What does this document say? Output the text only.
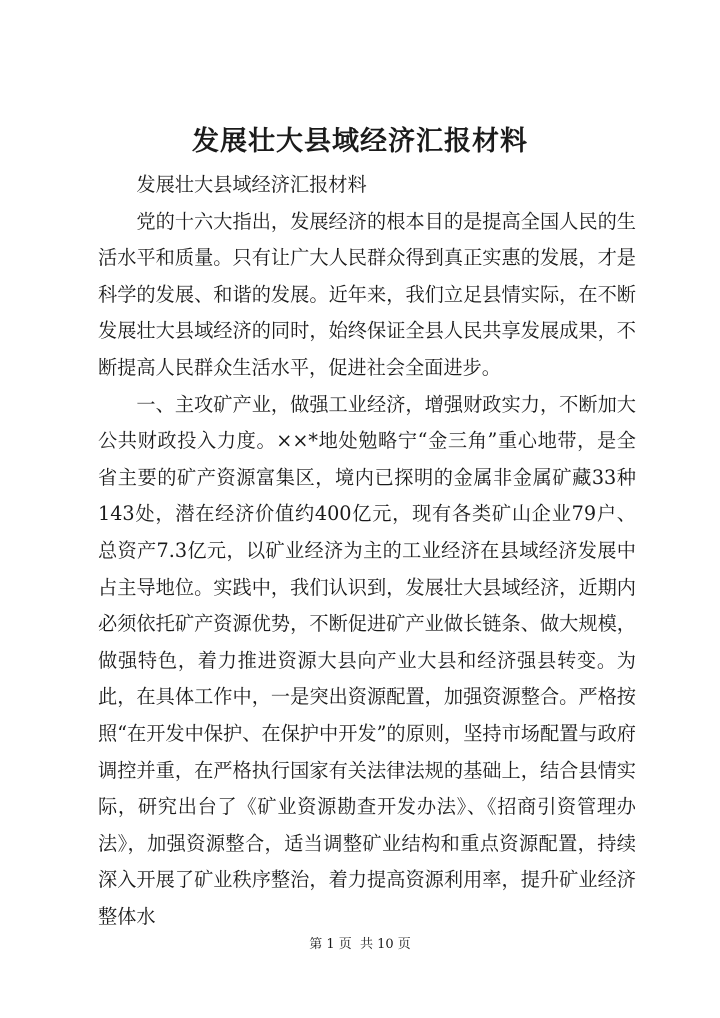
发展壮大县域经济汇报材料

发展壮大县域经济汇报材料

党的十六大指出，发展经济的根本目的是提高全国人民的生活水平和质量。只有让广大人民群众得到真正实惠的发展，才是科学的发展、和谐的发展。近年来，我们立足县情实际，在不断发展壮大县域经济的同时，始终保证全县人民共享发展成果，不断提高人民群众生活水平，促进社会全面进步。

一、主攻矿产业，做强工业经济，增强财政实力，不断加大公共财政投入力度。××*地处勉略宁“金三角”重心地带，是全省主要的矿产资源富集区，境内已探明的金属非金属矿藏33种143处，潜在经济价值约400亿元，现有各类矿山企业79户、总资产7.3亿元，以矿业经济为主的工业经济在县域经济发展中占主导地位。实践中，我们认识到，发展壮大县域经济，近期内必须依托矿产资源优势，不断促进矿产业做长链条、做大规模，做强特色，着力推进资源大县向产业大县和经济强县转变。为此，在具体工作中，一是突出资源配置，加强资源整合。严格按照“在开发中保护、在保护中开发”的原则，坚持市场配置与政府调控并重，在严格执行国家有关法律法规的基础上，结合县情实际，研究出台了《矿业资源勘查开发办法》、《招商引资管理办法》，加强资源整合，适当调整矿业结构和重点资源配置，持续深入开展了矿业秩序整治，着力提高资源利用率，提升矿业经济整体水

第 1 页  共 10 页
